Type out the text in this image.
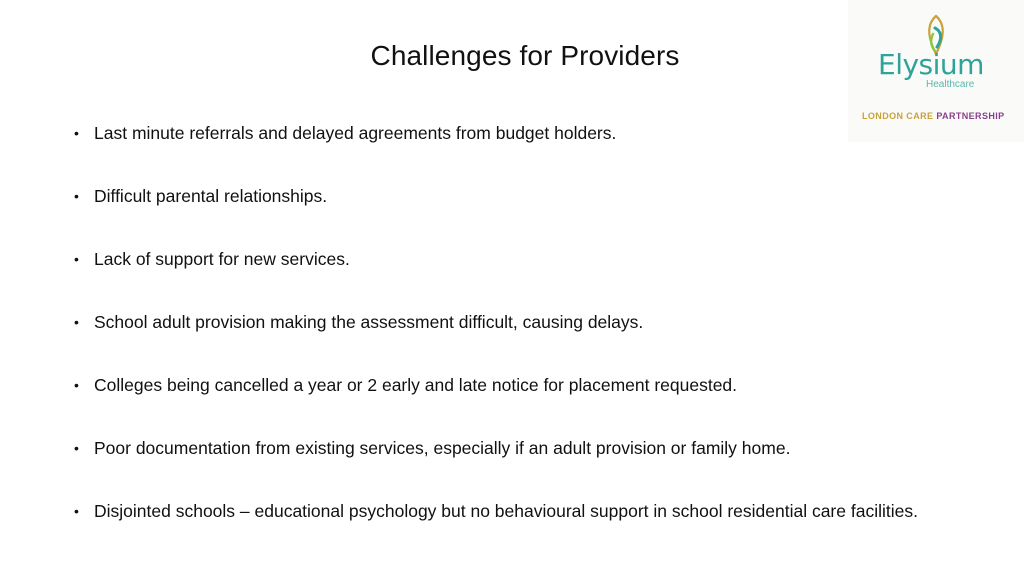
Challenges for Providers
• Last minute referrals and delayed agreements from budget holders.
• Difficult parental relationships.
• Lack of support for new services.
• School adult provision making the assessment difficult, causing delays.
• Colleges being cancelled a year or 2 early and late notice for placement requested.
• Poor documentation from existing services, especially if an adult provision or family home.
• Disjointed schools – educational psychology but no behavioural support in school residential care facilities.
Elysium
Healthcare
LONDON CARE PARTNERSHIP
